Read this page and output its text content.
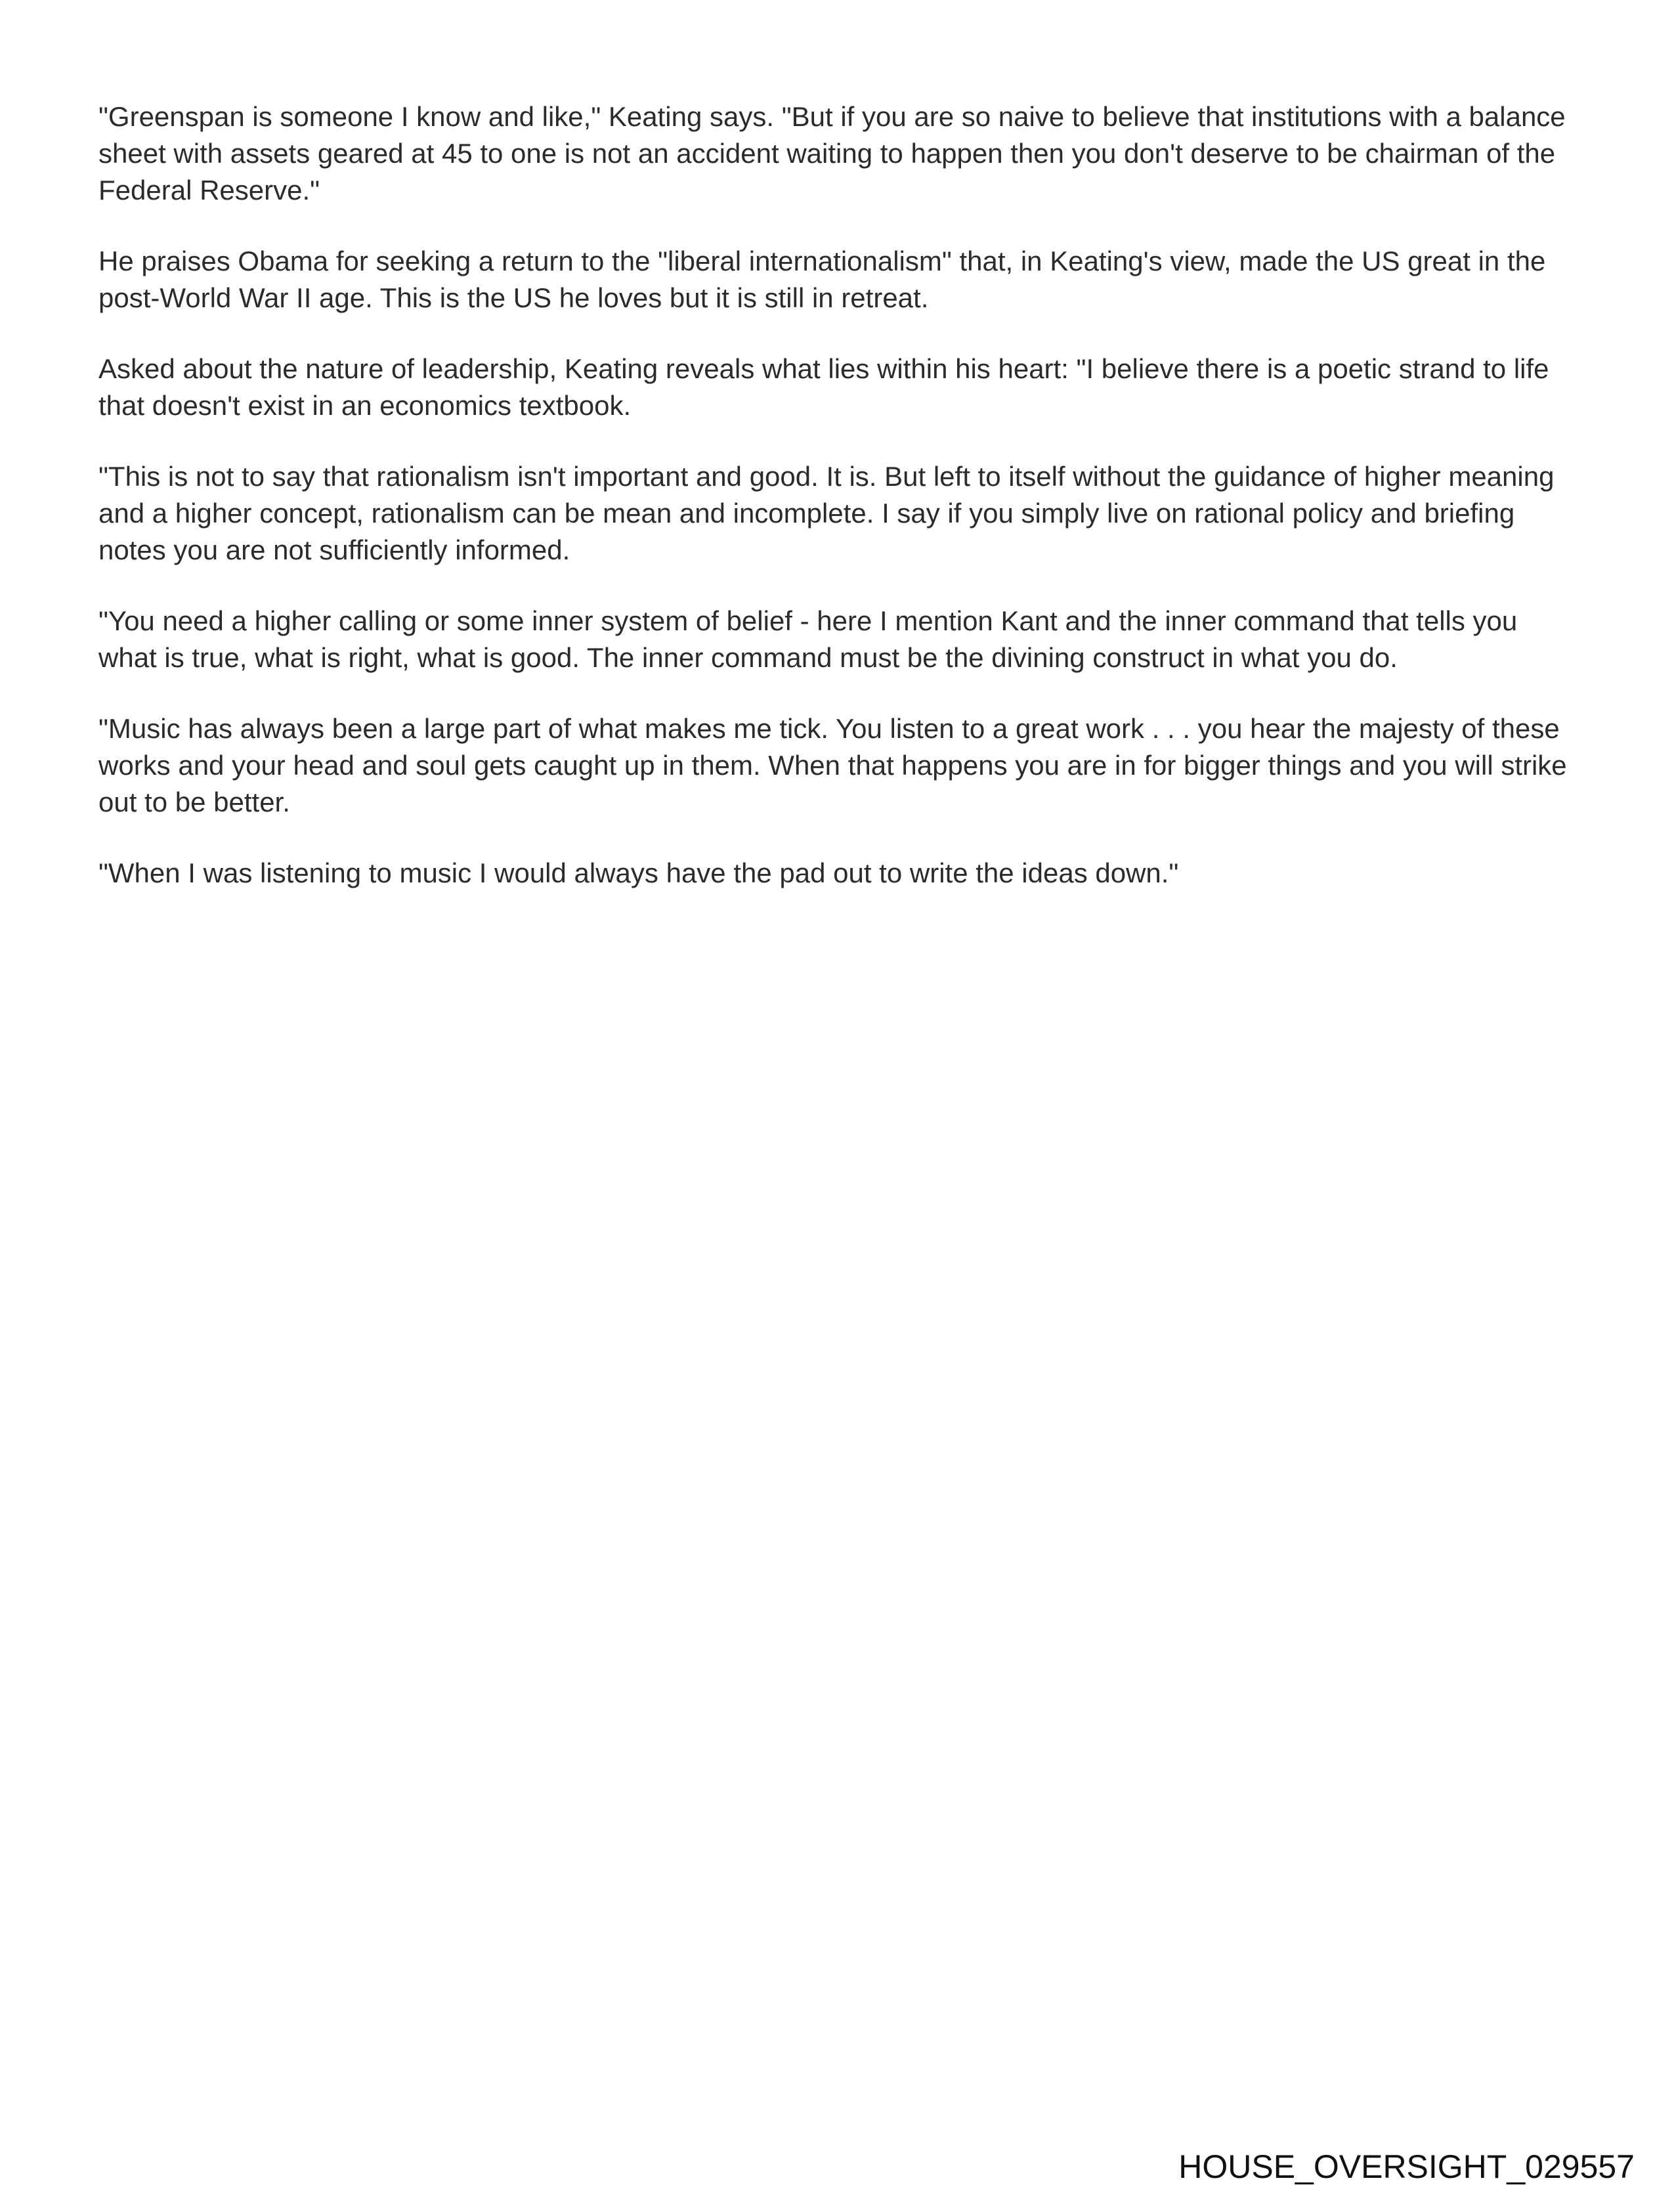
"Greenspan is someone I know and like," Keating says. "But if you are so naive to believe that institutions with a balance sheet with assets geared at 45 to one is not an accident waiting to happen then you don't deserve to be chairman of the Federal Reserve."

He praises Obama for seeking a return to the "liberal internationalism" that, in Keating's view, made the US great in the post-World War II age. This is the US he loves but it is still in retreat.

Asked about the nature of leadership, Keating reveals what lies within his heart: "I believe there is a poetic strand to life that doesn't exist in an economics textbook.

"This is not to say that rationalism isn't important and good. It is. But left to itself without the guidance of higher meaning and a higher concept, rationalism can be mean and incomplete. I say if you simply live on rational policy and briefing notes you are not sufficiently informed.

"You need a higher calling or some inner system of belief - here I mention Kant and the inner command that tells you what is true, what is right, what is good. The inner command must be the divining construct in what you do.

"Music has always been a large part of what makes me tick. You listen to a great work . . . you hear the majesty of these works and your head and soul gets caught up in them. When that happens you are in for bigger things and you will strike out to be better.

"When I was listening to music I would always have the pad out to write the ideas down."

HOUSE_OVERSIGHT_029557
